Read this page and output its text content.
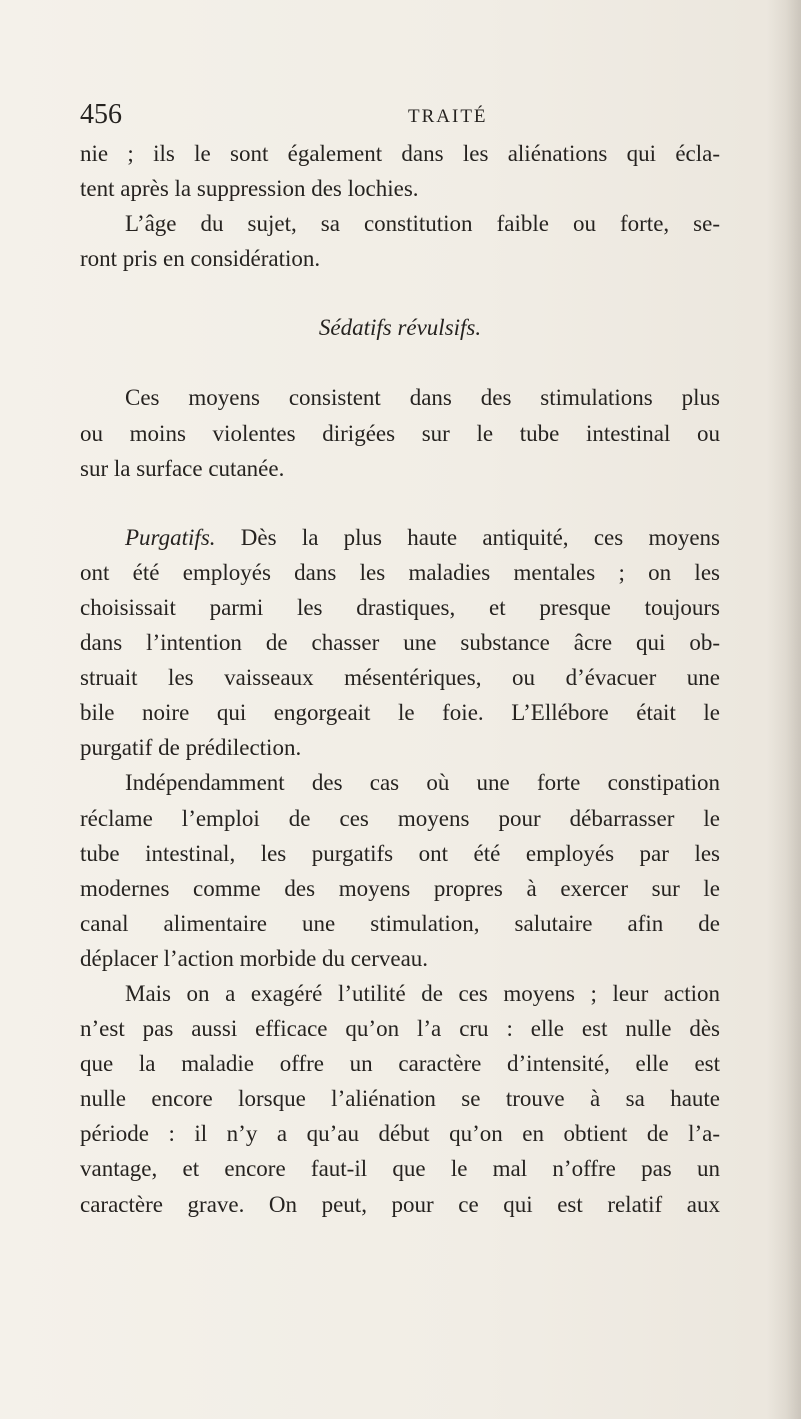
456	TRAITÉ
nie ; ils le sont également dans les aliénations qui écla-
tent après la suppression des lochies.
L’âge du sujet, sa constitution faible ou forte, se-
ront pris en considération.
Sédatifs révulsifs.
Ces moyens consistent dans des stimulations plus
ou moins violentes dirigées sur le tube intestinal ou
sur la surface cutanée.
Purgatifs. Dès la plus haute antiquité, ces moyens
ont été employés dans les maladies mentales ; on les
choisissait parmi les drastiques, et presque toujours
dans l’intention de chasser une substance âcre qui ob-
struait les vaisseaux mésentériques, ou d’évacuer une
bile noire qui engorgeait le foie. L’Ellébore était le
purgatif de prédilection.
Indépendamment des cas où une forte constipation
réclame l’emploi de ces moyens pour débarrasser le
tube intestinal, les purgatifs ont été employés par les
modernes comme des moyens propres à exercer sur le
canal alimentaire une stimulation, salutaire afin de
déplacer l’action morbide du cerveau.
Mais on a exagéré l’utilité de ces moyens ; leur action
n’est pas aussi efficace qu’on l’a cru : elle est nulle dès
que la maladie offre un caractère d’intensité, elle est
nulle encore lorsque l’aliénation se trouve à sa haute
période : il n’y a qu’au début qu’on en obtient de l’a-
vantage, et encore faut-il que le mal n’offre pas un
caractère grave. On peut, pour ce qui est relatif aux
